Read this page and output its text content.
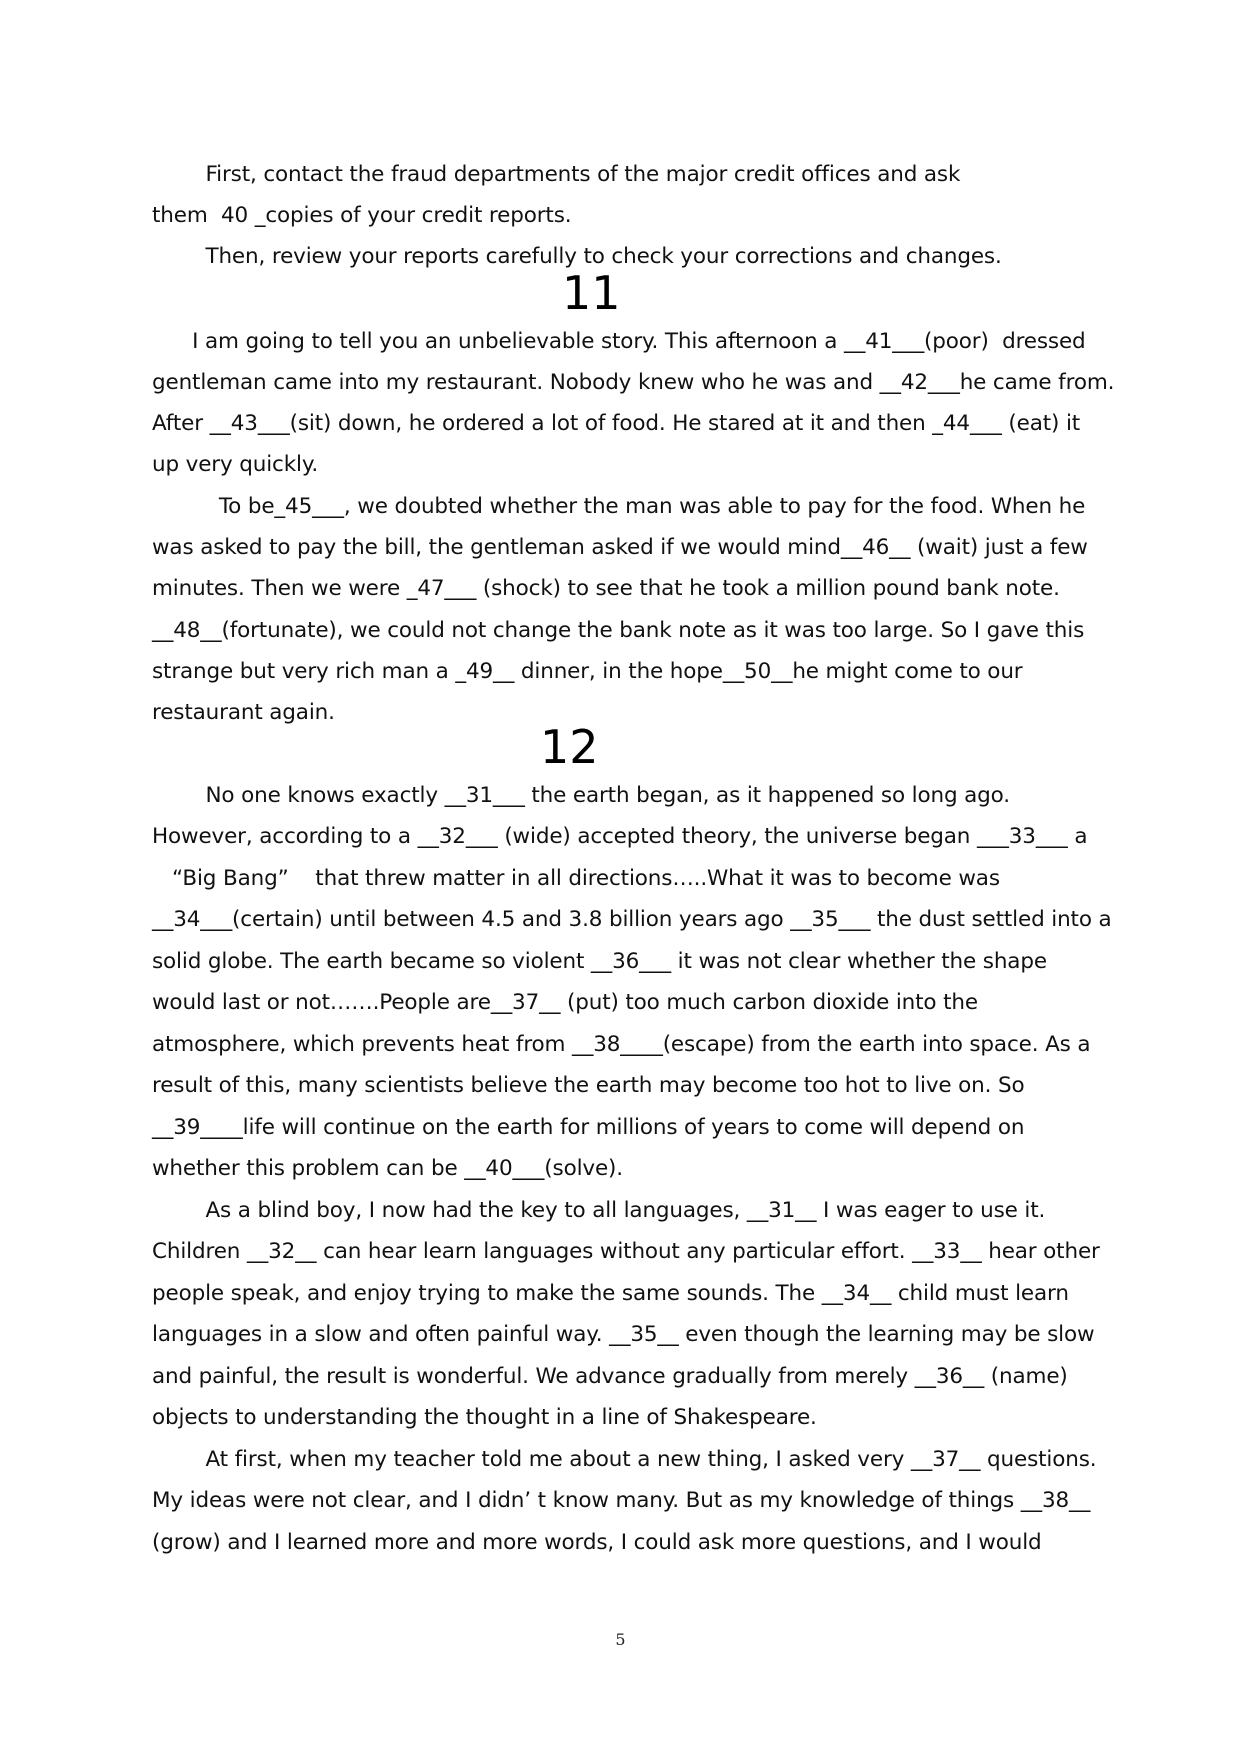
First, contact the fraud departments of the major credit offices and ask
them  40 _copies of your credit reports.
Then, review your reports carefully to check your corrections and changes.
11
I am going to tell you an unbelievable story. This afternoon a __41___(poor)  dressed
gentleman came into my restaurant. Nobody knew who he was and __42___he came from.
After __43___(sit) down, he ordered a lot of food. He stared at it and then _44___ (eat) it
up very quickly.
To be_45___, we doubted whether the man was able to pay for the food. When he
was asked to pay the bill, the gentleman asked if we would mind__46__ (wait) just a few
minutes. Then we were _47___ (shock) to see that he took a million pound bank note.
__48__(fortunate), we could not change the bank note as it was too large. So I gave this
strange but very rich man a _49__ dinner, in the hope__50__he might come to our
restaurant again.
12
No one knows exactly __31___ the earth began, as it happened so long ago.
However, according to a __32___ (wide) accepted theory, the universe began ___33___ a
“Big Bang”    that threw matter in all directions…..What it was to become was
__34___(certain) until between 4.5 and 3.8 billion years ago __35___ the dust settled into a
solid globe. The earth became so violent __36___ it was not clear whether the shape
would last or not…….People are__37__ (put) too much carbon dioxide into the
atmosphere, which prevents heat from __38____(escape) from the earth into space. As a
result of this, many scientists believe the earth may become too hot to live on. So
__39____life will continue on the earth for millions of years to come will depend on
whether this problem can be __40___(solve).
As a blind boy, I now had the key to all languages, __31__ I was eager to use it.
Children __32__ can hear learn languages without any particular effort. __33__ hear other
people speak, and enjoy trying to make the same sounds. The __34__ child must learn
languages in a slow and often painful way. __35__ even though the learning may be slow
and painful, the result is wonderful. We advance gradually from merely __36__ (name)
objects to understanding the thought in a line of Shakespeare.
At first, when my teacher told me about a new thing, I asked very __37__ questions.
My ideas were not clear, and I didn’ t know many. But as my knowledge of things __38__
(grow) and I learned more and more words, I could ask more questions, and I would
5
